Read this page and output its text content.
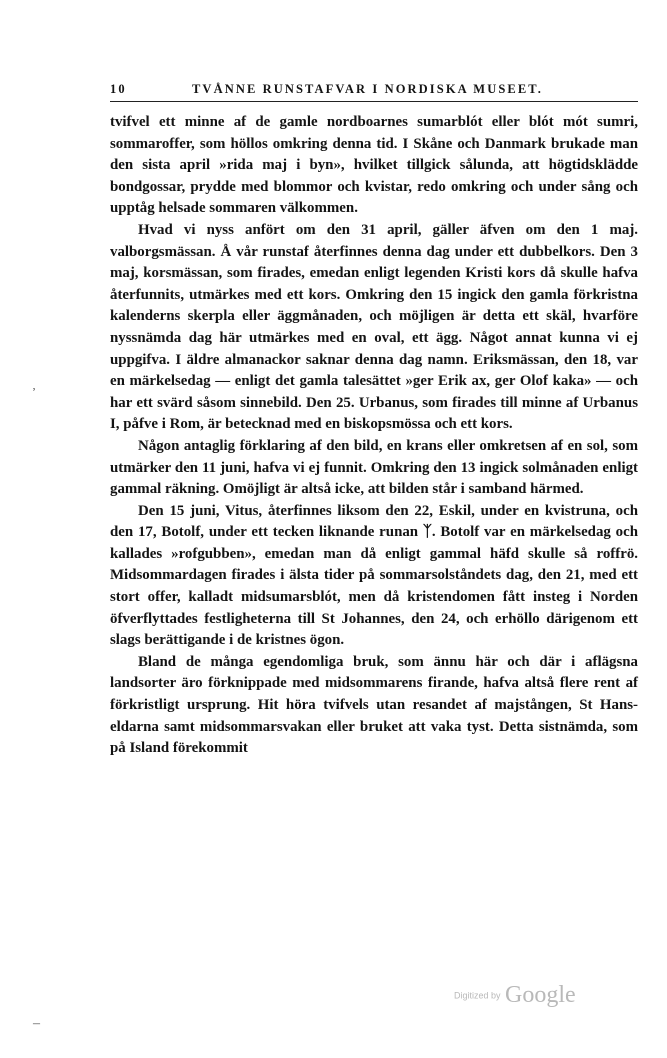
10	TVÅNNE RUNSTAFVAR I NORDISKA MUSEET.

tvifvel ett minne af de gamle nordboarnes sumarblót eller blót mót sumri, sommaroffer, som höllos omkring denna tid. I Skåne och Danmark brukade man den sista april »rida maj i byn», hvilket tillgick sålunda, att högtidsklädde bondgossar, prydde med blommor och kvistar, redo omkring och under sång och upptåg helsade sommaren välkommen.

Hvad vi nyss anfört om den 31 april, gäller äfven om den 1 maj. valborgsmässan. Å vår runstaf återfinnes denna dag under ett dubbelkors. Den 3 maj, korsmässan, som firades, emedan enligt legenden Kristi kors då skulle hafva återfunnits, utmärkes med ett kors. Omkring den 15 ingick den gamla förkristna kalenderns skerpla eller äggmånaden, och möjligen är detta ett skäl, hvarföre nyssnämda dag här utmärkes med en oval, ett ägg. Något annat kunna vi ej uppgifva. I äldre almanackor saknar denna dag namn. Eriksmässan, den 18, var en märkelsedag — enligt det gamla talesättet »ger Erik ax, ger Olof kaka» — och har ett svärd såsom sinnebild. Den 25. Urbanus, som firades till minne af Urbanus I, påfve i Rom, är betecknad med en biskopsmössa och ett kors.

Någon antaglig förklaring af den bild, en krans eller omkretsen af en sol, som utmärker den 11 juni, hafva vi ej funnit. Omkring den 13 ingick solmånaden enligt gammal räkning. Omöjligt är altså icke, att bilden står i samband härmed.

Den 15 juni, Vitus, återfinnes liksom den 22, Eskil, under en kvistruna, och den 17, Botolf, under ett tecken liknande runan ᛉ. Botolf var en märkelsedag och kallades »rofgubben», emedan man då enligt gammal häfd skulle så roffrö. Midsommardagen firades i älsta tider på sommarsolståndets dag, den 21, med ett stort offer, kalladt midsumarsblót, men då kristendomen fått insteg i Norden öfverflyttades festligheterna till St Johannes, den 24, och erhöllo därigenom ett slags berättigande i de kristnes ögon.

Bland de många egendomliga bruk, som ännu här och där i aflägsna landsorter äro förknippade med midsommarens firande, hafva altså flere rent af förkristligt ursprung. Hit höra tvifvels utan resandet af majstången, St Hans-eldarna samt midsommarsvakan eller bruket att vaka tyst. Detta sistnämda, som på Island förekommit

‚
–
Digitized by Google
